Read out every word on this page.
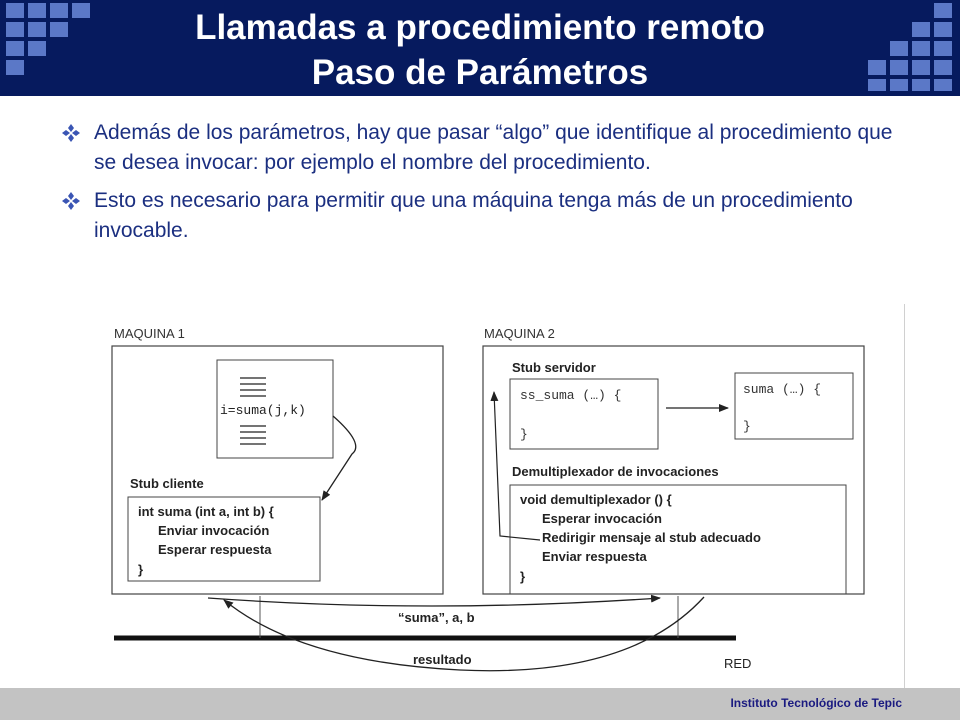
Llamadas a procedimiento remoto
Paso de Parámetros
Además de los parámetros, hay que pasar “algo” que identifique al procedimiento que se desea invocar: por ejemplo el nombre del procedimiento.
Esto es necesario para permitir que una máquina tenga más de un procedimiento invocable.
MAQUINA 1
i=suma(j,k)
Stub cliente
int suma (int a, int b) {
Enviar invocación
Esperar respuesta
}
MAQUINA 2
Stub servidor
ss_suma (…) {
}
suma (…) {
}
Demultiplexador de invocaciones
void demultiplexador () {
Esperar invocación
Redirigir mensaje al stub adecuado
Enviar respuesta
}
RED
“suma”, a, b
resultado
Instituto Tecnológico de Tepic
